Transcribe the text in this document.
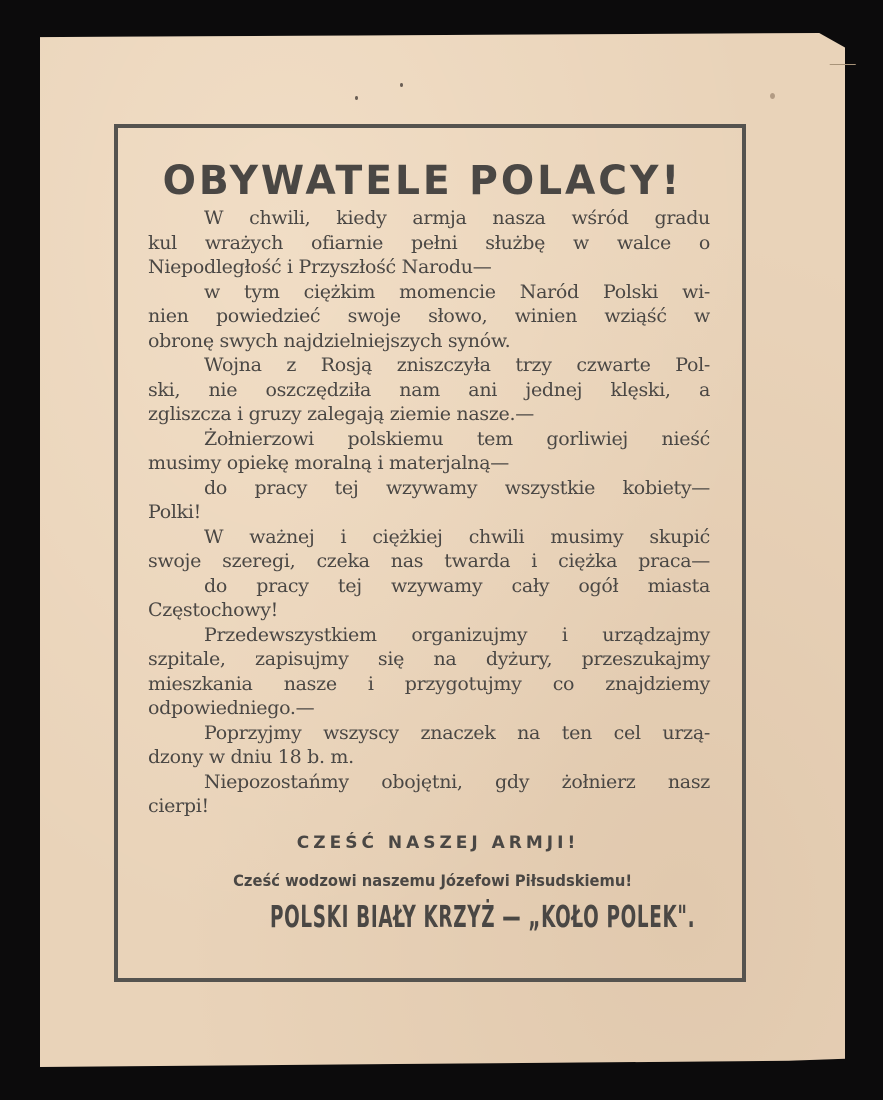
OBYWATELE POLACY!
W chwili, kiedy armja nasza wśród gradu
kul wrażych ofiarnie pełni służbę w walce o
Niepodległość i Przyszłość Narodu—
w tym ciężkim momencie Naród Polski wi-
nien powiedzieć swoje słowo, winien wziąść w
obronę swych najdzielniejszych synów.
Wojna z Rosją zniszczyła trzy czwarte Pol-
ski, nie oszczędziła nam ani jednej klęski, a
zgliszcza i gruzy zalegają ziemie nasze.—
Żołnierzowi polskiemu tem gorliwiej nieść
musimy opiekę moralną i materjalną—
do pracy tej wzywamy wszystkie kobiety—
Polki!
W ważnej i ciężkiej chwili musimy skupić
swoje szeregi, czeka nas twarda i ciężka praca—
do pracy tej wzywamy cały ogół miasta
Częstochowy!
Przedewszystkiem organizujmy i urządzajmy
szpitale, zapisujmy się na dyżury, przeszukajmy
mieszkania nasze i przygotujmy co znajdziemy
odpowiedniego.—
Poprzyjmy wszyscy znaczek na ten cel urzą-
dzony w dniu 18 b. m.
Niepozostańmy obojętni, gdy żołnierz nasz
cierpi!
CZEŚĆ NASZEJ ARMJI!
Cześć wodzowi naszemu Józefowi Piłsudskiemu!
POLSKI BIAŁY KRZYŻ — „KOŁO POLEK".
